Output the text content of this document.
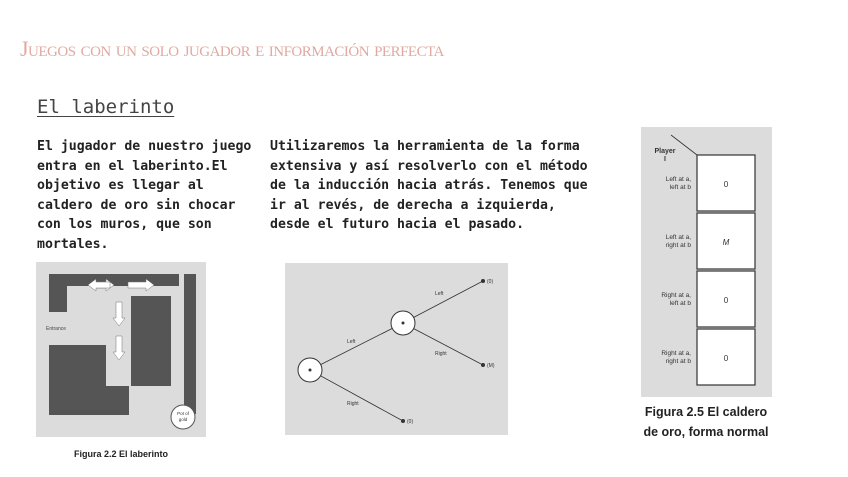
Juegos con un solo jugador e información perfecta
El laberinto
El jugador de nuestro juego entra en el laberinto.El objetivo es llegar al caldero de oro sin chocar con los muros, que son mortales.
Utilizaremos la herramienta de la forma extensiva y así resolverlo con el método de la inducción hacia atrás. Tenemos que ir al revés, de derecha a izquierda, desde el futuro hacia el pasado.
Entrance
Pot of
gold
Figura 2.2 El laberinto
Left
Right
Left
Right
(0)
(M)
(0)
Player
I
Left at a,
left at b	0
Left at a,
right at b	M
Right at a,
left at b	0
Right at a,
right at b	0
Figura 2.5 El caldero
de oro, forma normal
